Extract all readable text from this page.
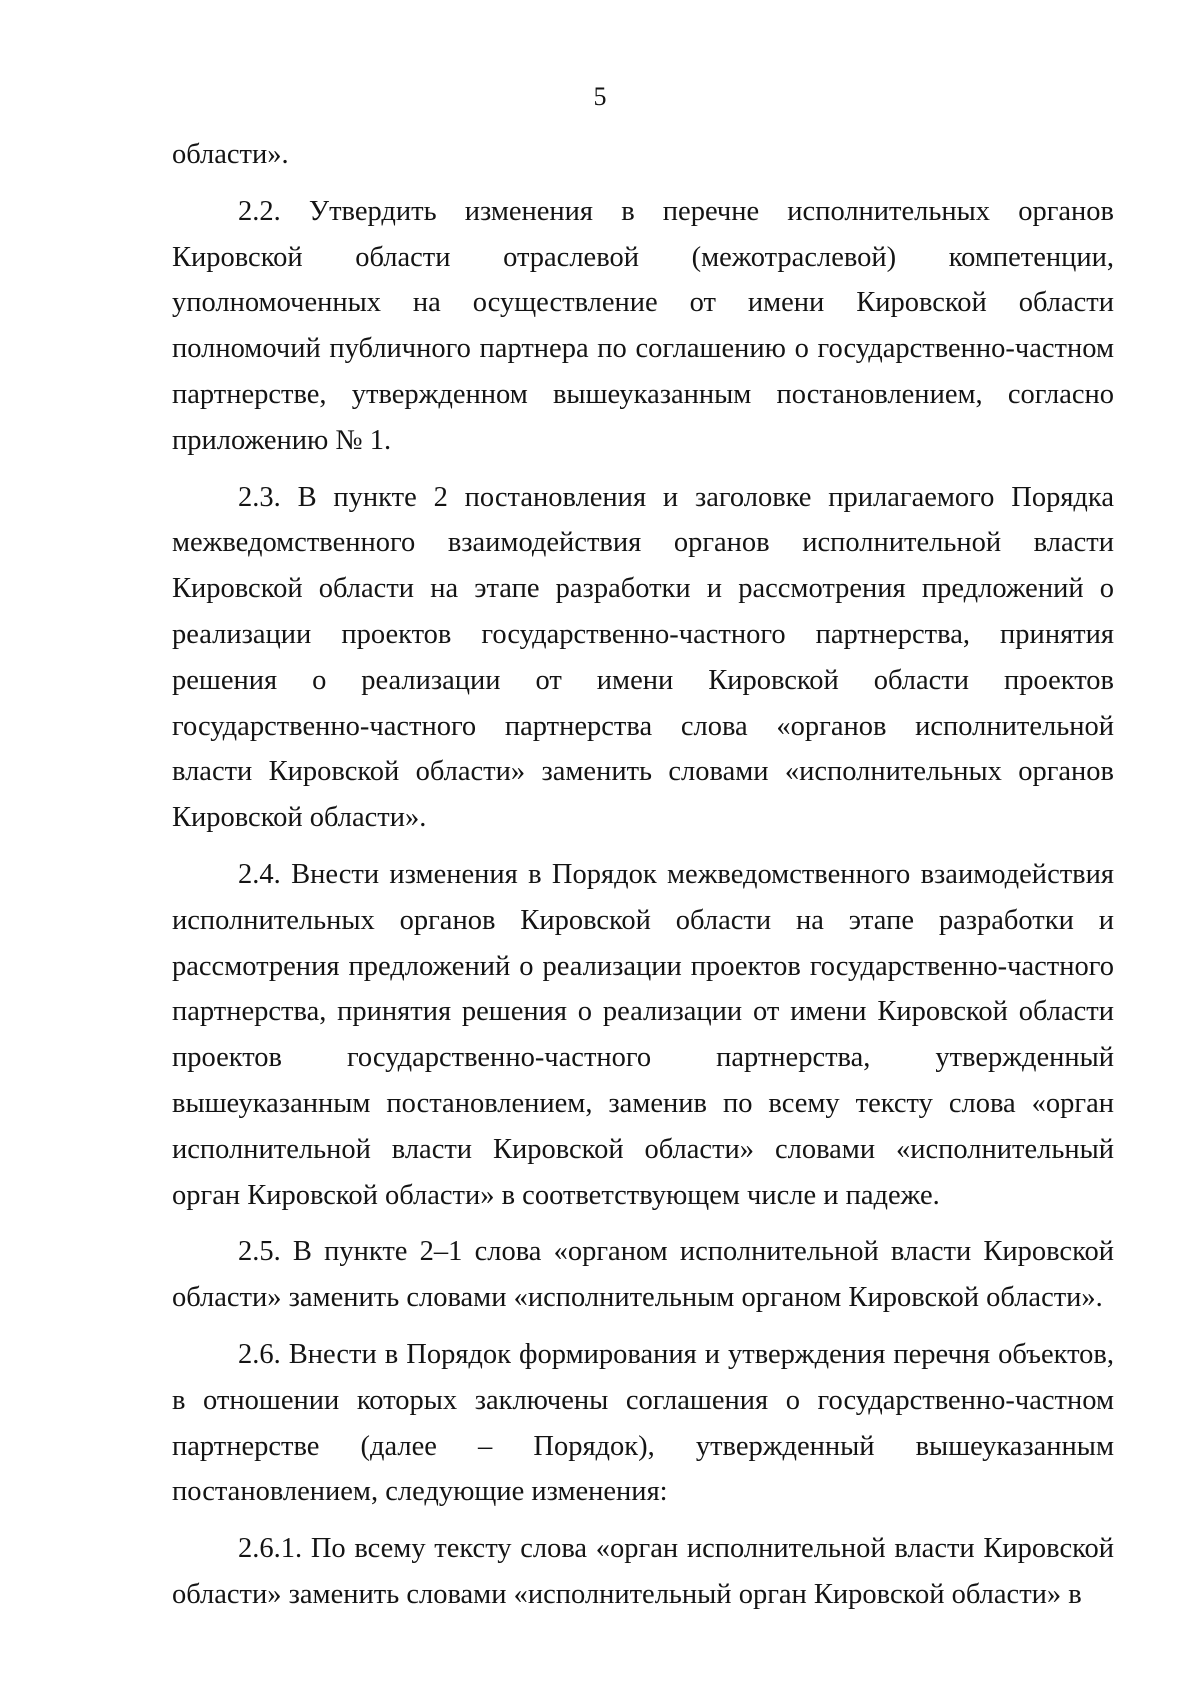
5

области».

2.2. Утвердить изменения в перечне исполнительных органов Кировской области отраслевой (межотраслевой) компетенции, уполномоченных на осуществление от имени Кировской области полномочий публичного партнера по соглашению о государственно-частном партнерстве, утвержденном вышеуказанным постановлением, согласно приложению № 1.

2.3. В пункте 2 постановления и заголовке прилагаемого Порядка межведомственного взаимодействия органов исполнительной власти Кировской области на этапе разработки и рассмотрения предложений о реализации проектов государственно-частного партнерства, принятия решения о реализации от имени Кировской области проектов государственно-частного партнерства слова «органов исполнительной власти Кировской области» заменить словами «исполнительных органов Кировской области».

2.4. Внести изменения в Порядок межведомственного взаимодействия исполнительных органов Кировской области на этапе разработки и рассмотрения предложений о реализации проектов государственно-частного партнерства, принятия решения о реализации от имени Кировской области проектов государственно-частного партнерства, утвержденный вышеуказанным постановлением, заменив по всему тексту слова «орган исполнительной власти Кировской области» словами «исполнительный орган Кировской области» в соответствующем числе и падеже.

2.5. В пункте 2–1 слова «органом исполнительной власти Кировской области» заменить словами «исполнительным органом Кировской области».

2.6. Внести в Порядок формирования и утверждения перечня объектов, в отношении которых заключены соглашения о государственно-частном партнерстве (далее – Порядок), утвержденный вышеуказанным постановлением, следующие изменения:

2.6.1. По всему тексту слова «орган исполнительной власти Кировской области» заменить словами «исполнительный орган Кировской области» в
